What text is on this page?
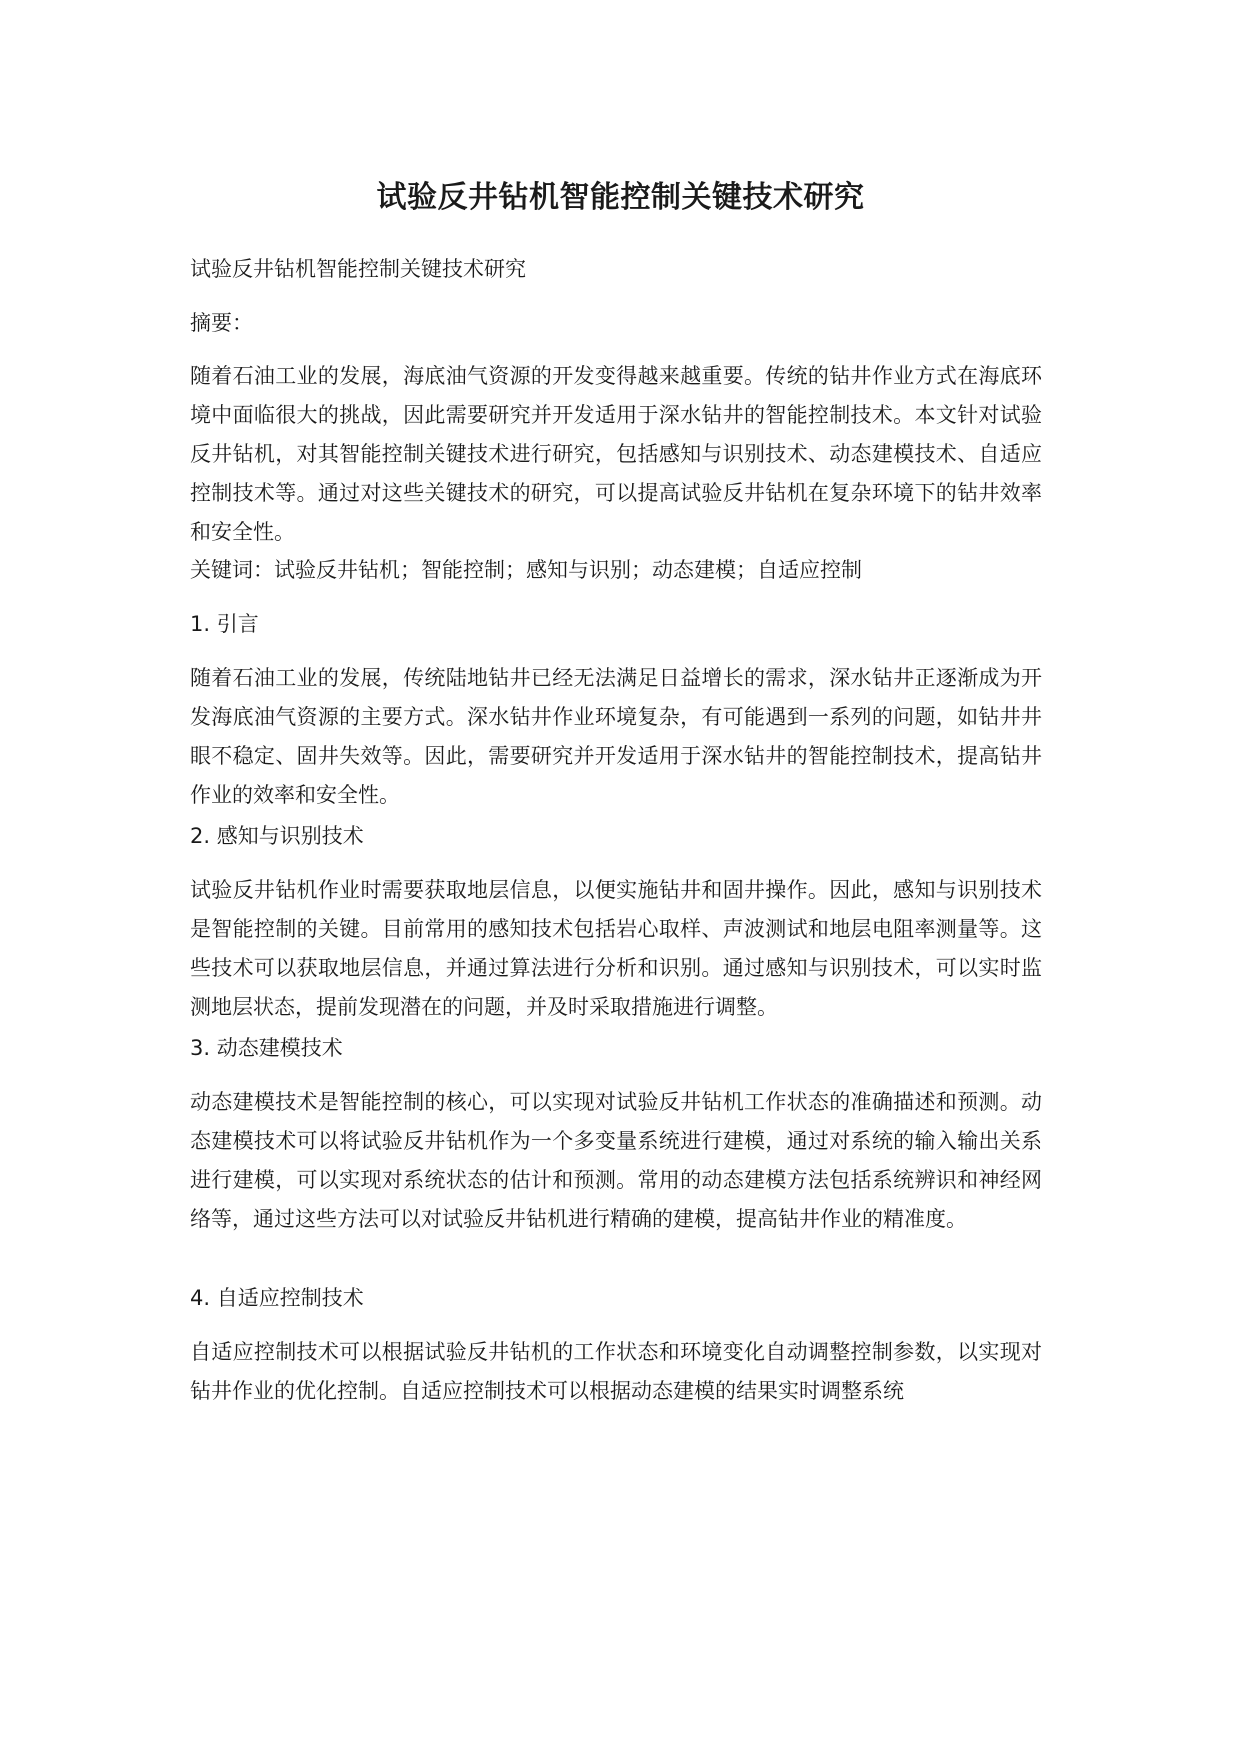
试验反井钻机智能控制关键技术研究

试验反井钻机智能控制关键技术研究

摘要：

随着石油工业的发展，海底油气资源的开发变得越来越重要。传统的钻井作业方式在海底环境中面临很大的挑战，因此需要研究并开发适用于深水钻井的智能控制技术。本文针对试验反井钻机，对其智能控制关键技术进行研究，包括感知与识别技术、动态建模技术、自适应控制技术等。通过对这些关键技术的研究，可以提高试验反井钻机在复杂环境下的钻井效率和安全性。

关键词：试验反井钻机；智能控制；感知与识别；动态建模；自适应控制

1. 引言

随着石油工业的发展，传统陆地钻井已经无法满足日益增长的需求，深水钻井正逐渐成为开发海底油气资源的主要方式。深水钻井作业环境复杂，有可能遇到一系列的问题，如钻井井眼不稳定、固井失效等。因此，需要研究并开发适用于深水钻井的智能控制技术，提高钻井作业的效率和安全性。

2. 感知与识别技术

试验反井钻机作业时需要获取地层信息，以便实施钻井和固井操作。因此，感知与识别技术是智能控制的关键。目前常用的感知技术包括岩心取样、声波测试和地层电阻率测量等。这些技术可以获取地层信息，并通过算法进行分析和识别。通过感知与识别技术，可以实时监测地层状态，提前发现潜在的问题，并及时采取措施进行调整。

3. 动态建模技术

动态建模技术是智能控制的核心，可以实现对试验反井钻机工作状态的准确描述和预测。动态建模技术可以将试验反井钻机作为一个多变量系统进行建模，通过对系统的输入输出关系进行建模，可以实现对系统状态的估计和预测。常用的动态建模方法包括系统辨识和神经网络等，通过这些方法可以对试验反井钻机进行精确的建模，提高钻井作业的精准度。

4. 自适应控制技术

自适应控制技术可以根据试验反井钻机的工作状态和环境变化自动调整控制参数，以实现对钻井作业的优化控制。自适应控制技术可以根据动态建模的结果实时调整系统
